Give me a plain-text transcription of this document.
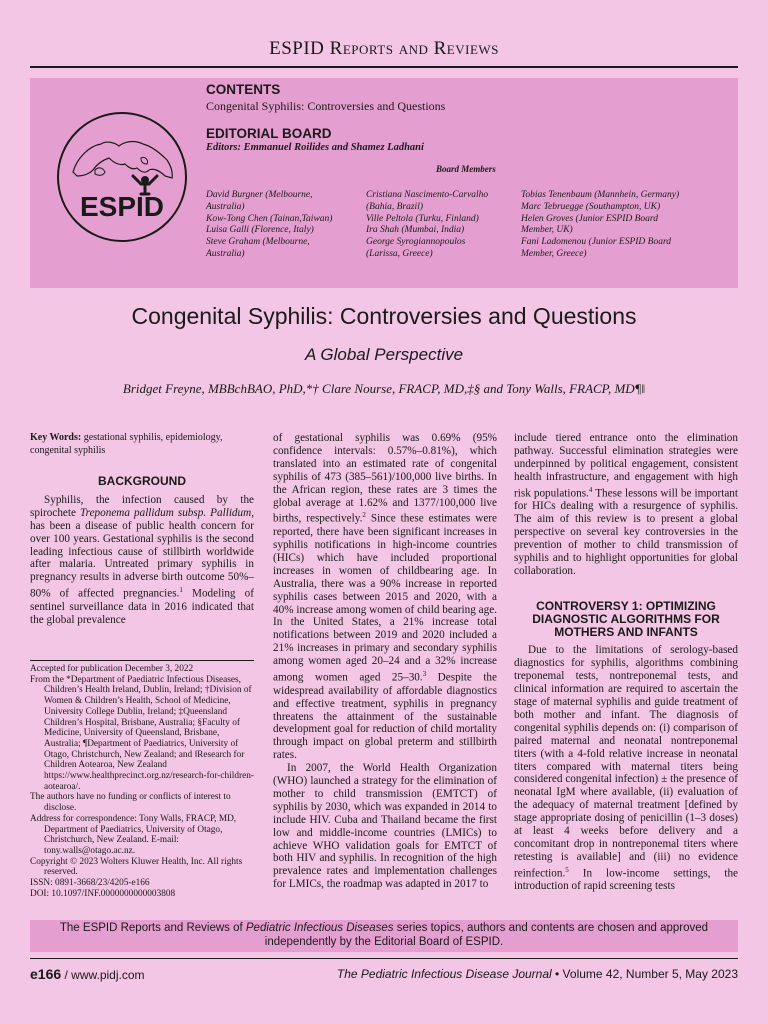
ESPID Reports and Reviews
ESPID
CONTENTS
Congenital Syphilis: Controversies and Questions
EDITORIAL BOARD
Editors: Emmanuel Roilides and Shamez Ladhani
Board Members
David Burgner (Melbourne,
Australia)
Kow-Tong Chen (Tainan,Taiwan)
Luisa Galli (Florence, Italy)
Steve Graham (Melbourne,
Australia)
Cristiana Nascimento-Carvalho
(Bahia, Brazil)
Ville Peltola (Turku, Finland)
Ira Shah (Mumbai, India)
George Syrogiannopoulos
(Larissa, Greece)
Tobias Tenenbaum (Mannhein, Germany)
Marc Tebruegge (Southampton, UK)
Helen Groves (Junior ESPID Board
Member, UK)
Fani Ladomenou (Junior ESPID Board
Member, Greece)
Congenital Syphilis: Controversies and Questions
A Global Perspective
Bridget Freyne, MBBchBAO, PhD,*† Clare Nourse, FRACP, MD,‡§ and Tony Walls, FRACP, MD¶‖
Key Words: gestational syphilis, epidemiology, congenital syphilis
BACKGROUND

Syphilis, the infection caused by the spirochete Treponema pallidum subsp. Pallidum, has been a disease of public health concern for over 100 years. Gestational syphilis is the second leading infectious cause of stillbirth worldwide after malaria. Untreated primary syphilis in pregnancy results in adverse birth outcome 50%–80% of affected pregnancies.$^1$ Modeling of sentinel surveillance data in 2016 indicated that the global prevalence

Accepted for publication December 3, 2022
From the *Department of Paediatric Infectious Diseases, Children’s Health Ireland, Dublin, Ireland; †Division of Women & Children’s Health, School of Medicine, University College Dublin, Ireland; ‡Queensland Children’s Hospital, Brisbane, Australia; §Faculty of Medicine, University of Queensland, Brisbane, Australia; ¶Department of Paediatrics, University of Otago, Christchurch, New Zealand; and ‖Research for Children Aotearoa, New Zealand https://www.healthprecinct.org.nz/research-for-children-aotearoa/.
The authors have no funding or conflicts of interest to disclose.
Address for correspondence: Tony Walls, FRACP, MD, Department of Paediatrics, University of Otago, Christchurch, New Zealand. E-mail: tony.walls@otago.ac.nz.
Copyright © 2023 Wolters Kluwer Health, Inc. All rights reserved.
ISSN: 0891-3668/23/4205-e166
DOI: 10.1097/INF.0000000000003808

of gestational syphilis was 0.69% (95% confidence intervals: 0.57%–0.81%), which translated into an estimated rate of congenital syphilis of 473 (385–561)/100,000 live births. In the African region, these rates are 3 times the global average at 1.62% and 1377/100,000 live births, respectively.$^2$ Since these estimates were reported, there have been significant increases in syphilis notifications in high-income countries (HICs) which have included proportional increases in women of childbearing age. In Australia, there was a 90% increase in reported syphilis cases between 2015 and 2020, with a 40% increase among women of child bearing age. In the United States, a 21% increase total notifications between 2019 and 2020 included a 21% increases in primary and secondary syphilis among women aged 20–24 and a 32% increase among women aged 25–30.$^3$ Despite the widespread availability of affordable diagnostics and effective treatment, syphilis in pregnancy threatens the attainment of the sustainable development goal for reduction of child mortality through impact on global preterm and stillbirth rates.

In 2007, the World Health Organization (WHO) launched a strategy for the elimination of mother to child transmission (EMTCT) of syphilis by 2030, which was expanded in 2014 to include HIV. Cuba and Thailand became the first low and middle-income countries (LMICs) to achieve WHO validation goals for EMTCT of both HIV and syphilis. In recognition of the high prevalence rates and implementation challenges for LMICs, the roadmap was adapted in 2017 to

include tiered entrance onto the elimination pathway. Successful elimination strategies were underpinned by political engagement, consistent health infrastructure, and engagement with high risk populations.$^4$ These lessons will be important for HICs dealing with a resurgence of syphilis. The aim of this review is to present a global perspective on several key controversies in the prevention of mother to child transmission of syphilis and to highlight opportunities for global collaboration.

CONTROVERSY 1: OPTIMIZING DIAGNOSTIC ALGORITHMS FOR MOTHERS AND INFANTS

Due to the limitations of serology-based diagnostics for syphilis, algorithms combining treponemal tests, nontreponemal tests, and clinical information are required to ascertain the stage of maternal syphilis and guide treatment of both mother and infant. The diagnosis of congenital syphilis depends on: (i) comparison of paired maternal and neonatal nontreponemal titers (with a 4-fold relative increase in neonatal titers compared with maternal titers being considered congenital infection) ± the presence of neonatal IgM where available, (ii) evaluation of the adequacy of maternal treatment [defined by stage appropriate dosing of penicillin (1–3 doses) at least 4 weeks before delivery and a concomitant drop in nontreponemal titers where retesting is available] and (iii) no evidence reinfection.$^5$ In low-income settings, the introduction of rapid screening tests

The ESPID Reports and Reviews of Pediatric Infectious Diseases series topics, authors and contents are chosen and approved independently by the Editorial Board of ESPID.
e166 / www.pidj.com	The Pediatric Infectious Disease Journal • Volume 42, Number 5, May 2023
